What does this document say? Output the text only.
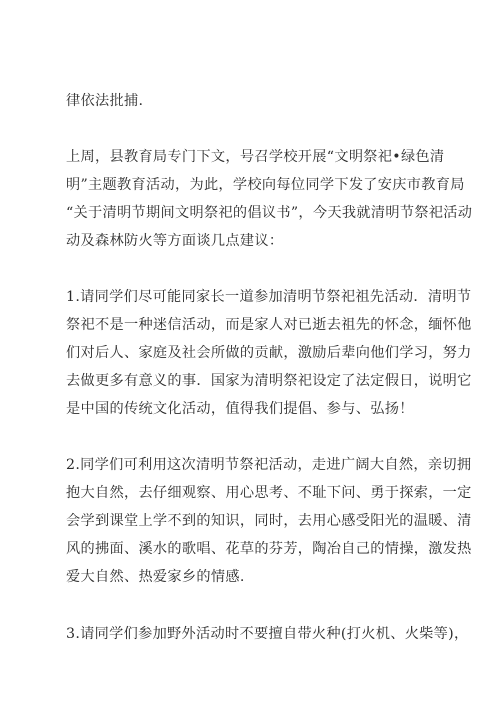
律依法批捕.
上周，县教育局专门下文，号召学校开展“文明祭祀•绿色清
明”主题教育活动，为此，学校向每位同学下发了安庆市教育局
“关于清明节期间文明祭祀的倡议书”，今天我就清明节祭祀活动
动及森林防火等方面谈几点建议：
1.请同学们尽可能同家长一道参加清明节祭祀祖先活动．清明节
祭祀不是一种迷信活动，而是家人对已逝去祖先的怀念，缅怀他
们对后人、家庭及社会所做的贡献，激励后辈向他们学习，努力
去做更多有意义的事．国家为清明祭祀设定了法定假日，说明它
是中国的传统文化活动，值得我们提倡、参与、弘扬！
2.同学们可利用这次清明节祭祀活动，走进广阔大自然，亲切拥
抱大自然，去仔细观察、用心思考、不耻下问、勇于探索，一定
会学到课堂上学不到的知识，同时，去用心感受阳光的温暖、清
风的拂面、溪水的歌唱、花草的芬芳，陶冶自己的情操，激发热
爱大自然、热爱家乡的情感.
3.请同学们参加野外活动时不要擅自带火种(打火机、火柴等)，
